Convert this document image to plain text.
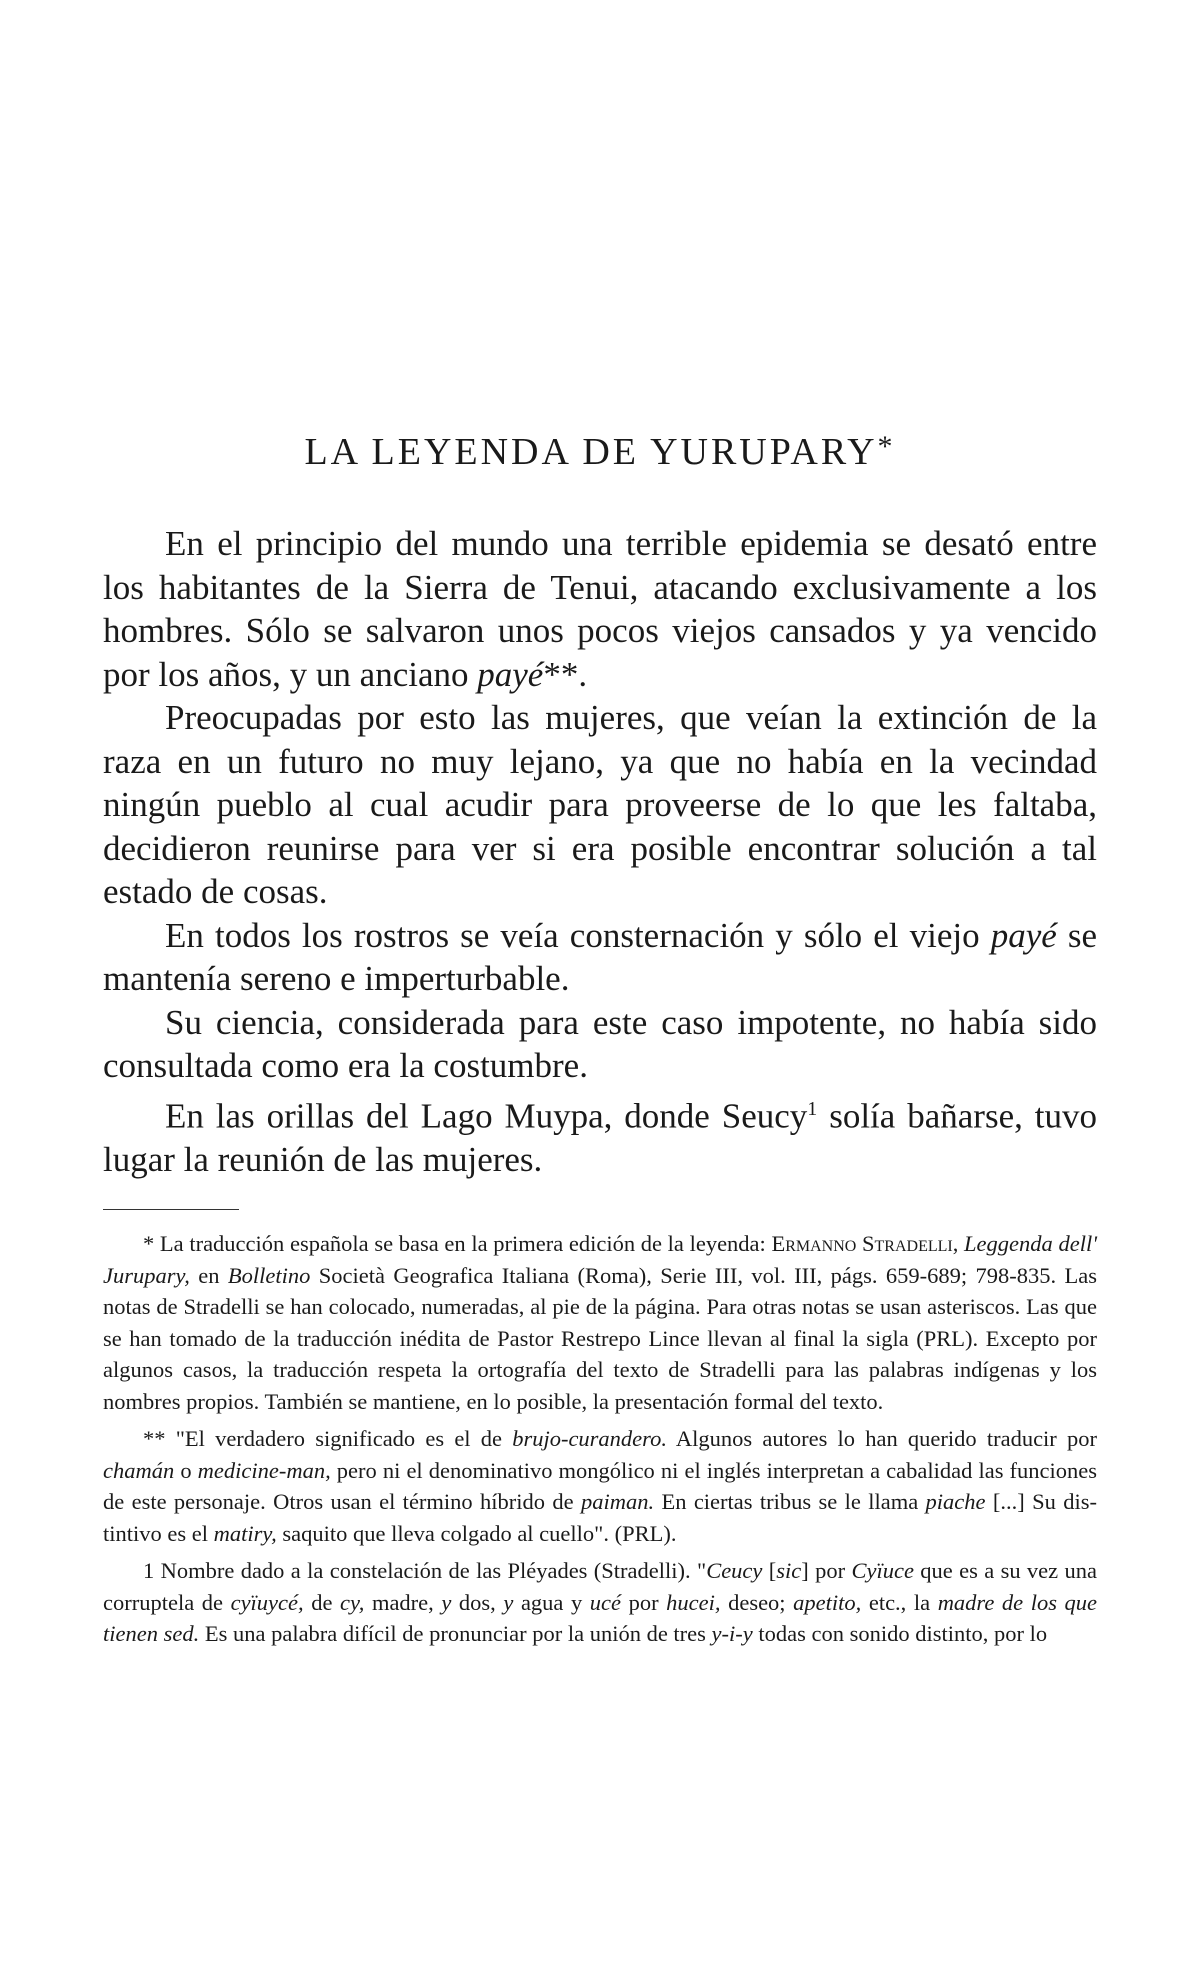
LA LEYENDA DE YURUPARY*

En el principio del mundo una terrible epidemia se desató entre los habitantes de la Sierra de Tenui, atacando exclusivamente a los hombres. Sólo se salvaron unos pocos viejos cansados y ya vencido por los años, y un anciano payé**.

Preocupadas por esto las mujeres, que veían la extinción de la raza en un futuro no muy lejano, ya que no había en la vecindad ningún pueblo al cual acudir para proveerse de lo que les faltaba, decidieron reunirse para ver si era posible encontrar solución a tal estado de cosas.

En todos los rostros se veía consternación y sólo el viejo payé se mantenía sereno e imperturbable.

Su ciencia, considerada para este caso impotente, no había sido consultada como era la costumbre.

En las orillas del Lago Muypa, donde Seucy$^1$ solía bañarse, tuvo lugar la reunión de las mujeres.

* La traducción española se basa en la primera edición de la leyenda: Ermanno Stradelli, Leggenda dell' Jurupary, en Bolletino Società Geografica Italiana (Roma), Serie III, vol. III, págs. 659-689; 798-835. Las notas de Stradelli se han colocado, numeradas, al pie de la página. Para otras notas se usan asteriscos. Las que se han tomado de la traducción inédita de Pastor Restrepo Lince llevan al final la sigla (PRL). Excepto por algunos casos, la traducción respeta la ortografía del texto de Stradelli para las palabras indígenas y los nombres propios. También se mantiene, en lo posible, la presentación formal del texto.

** "El verdadero significado es el de brujo-curandero. Algunos autores lo han querido traducir por chamán o medicine-man, pero ni el denominativo mongólico ni el inglés interpretan a cabalidad las funciones de este personaje. Otros usan el término híbrido de paiman. En ciertas tribus se le llama piache [...] Su distintivo es el matiry, saquito que lleva colgado al cuello". (PRL).

1 Nombre dado a la constelación de las Pléyades (Stradelli). "Ceucy [sic] por Cyïuce que es a su vez una corruptela de cyïuycé, de cy, madre, y dos, y agua y ucé por hucei, deseo; apetito, etc., la madre de los que tienen sed. Es una palabra difícil de pronunciar por la unión de tres y-i-y todas con sonido distinto, por lo
